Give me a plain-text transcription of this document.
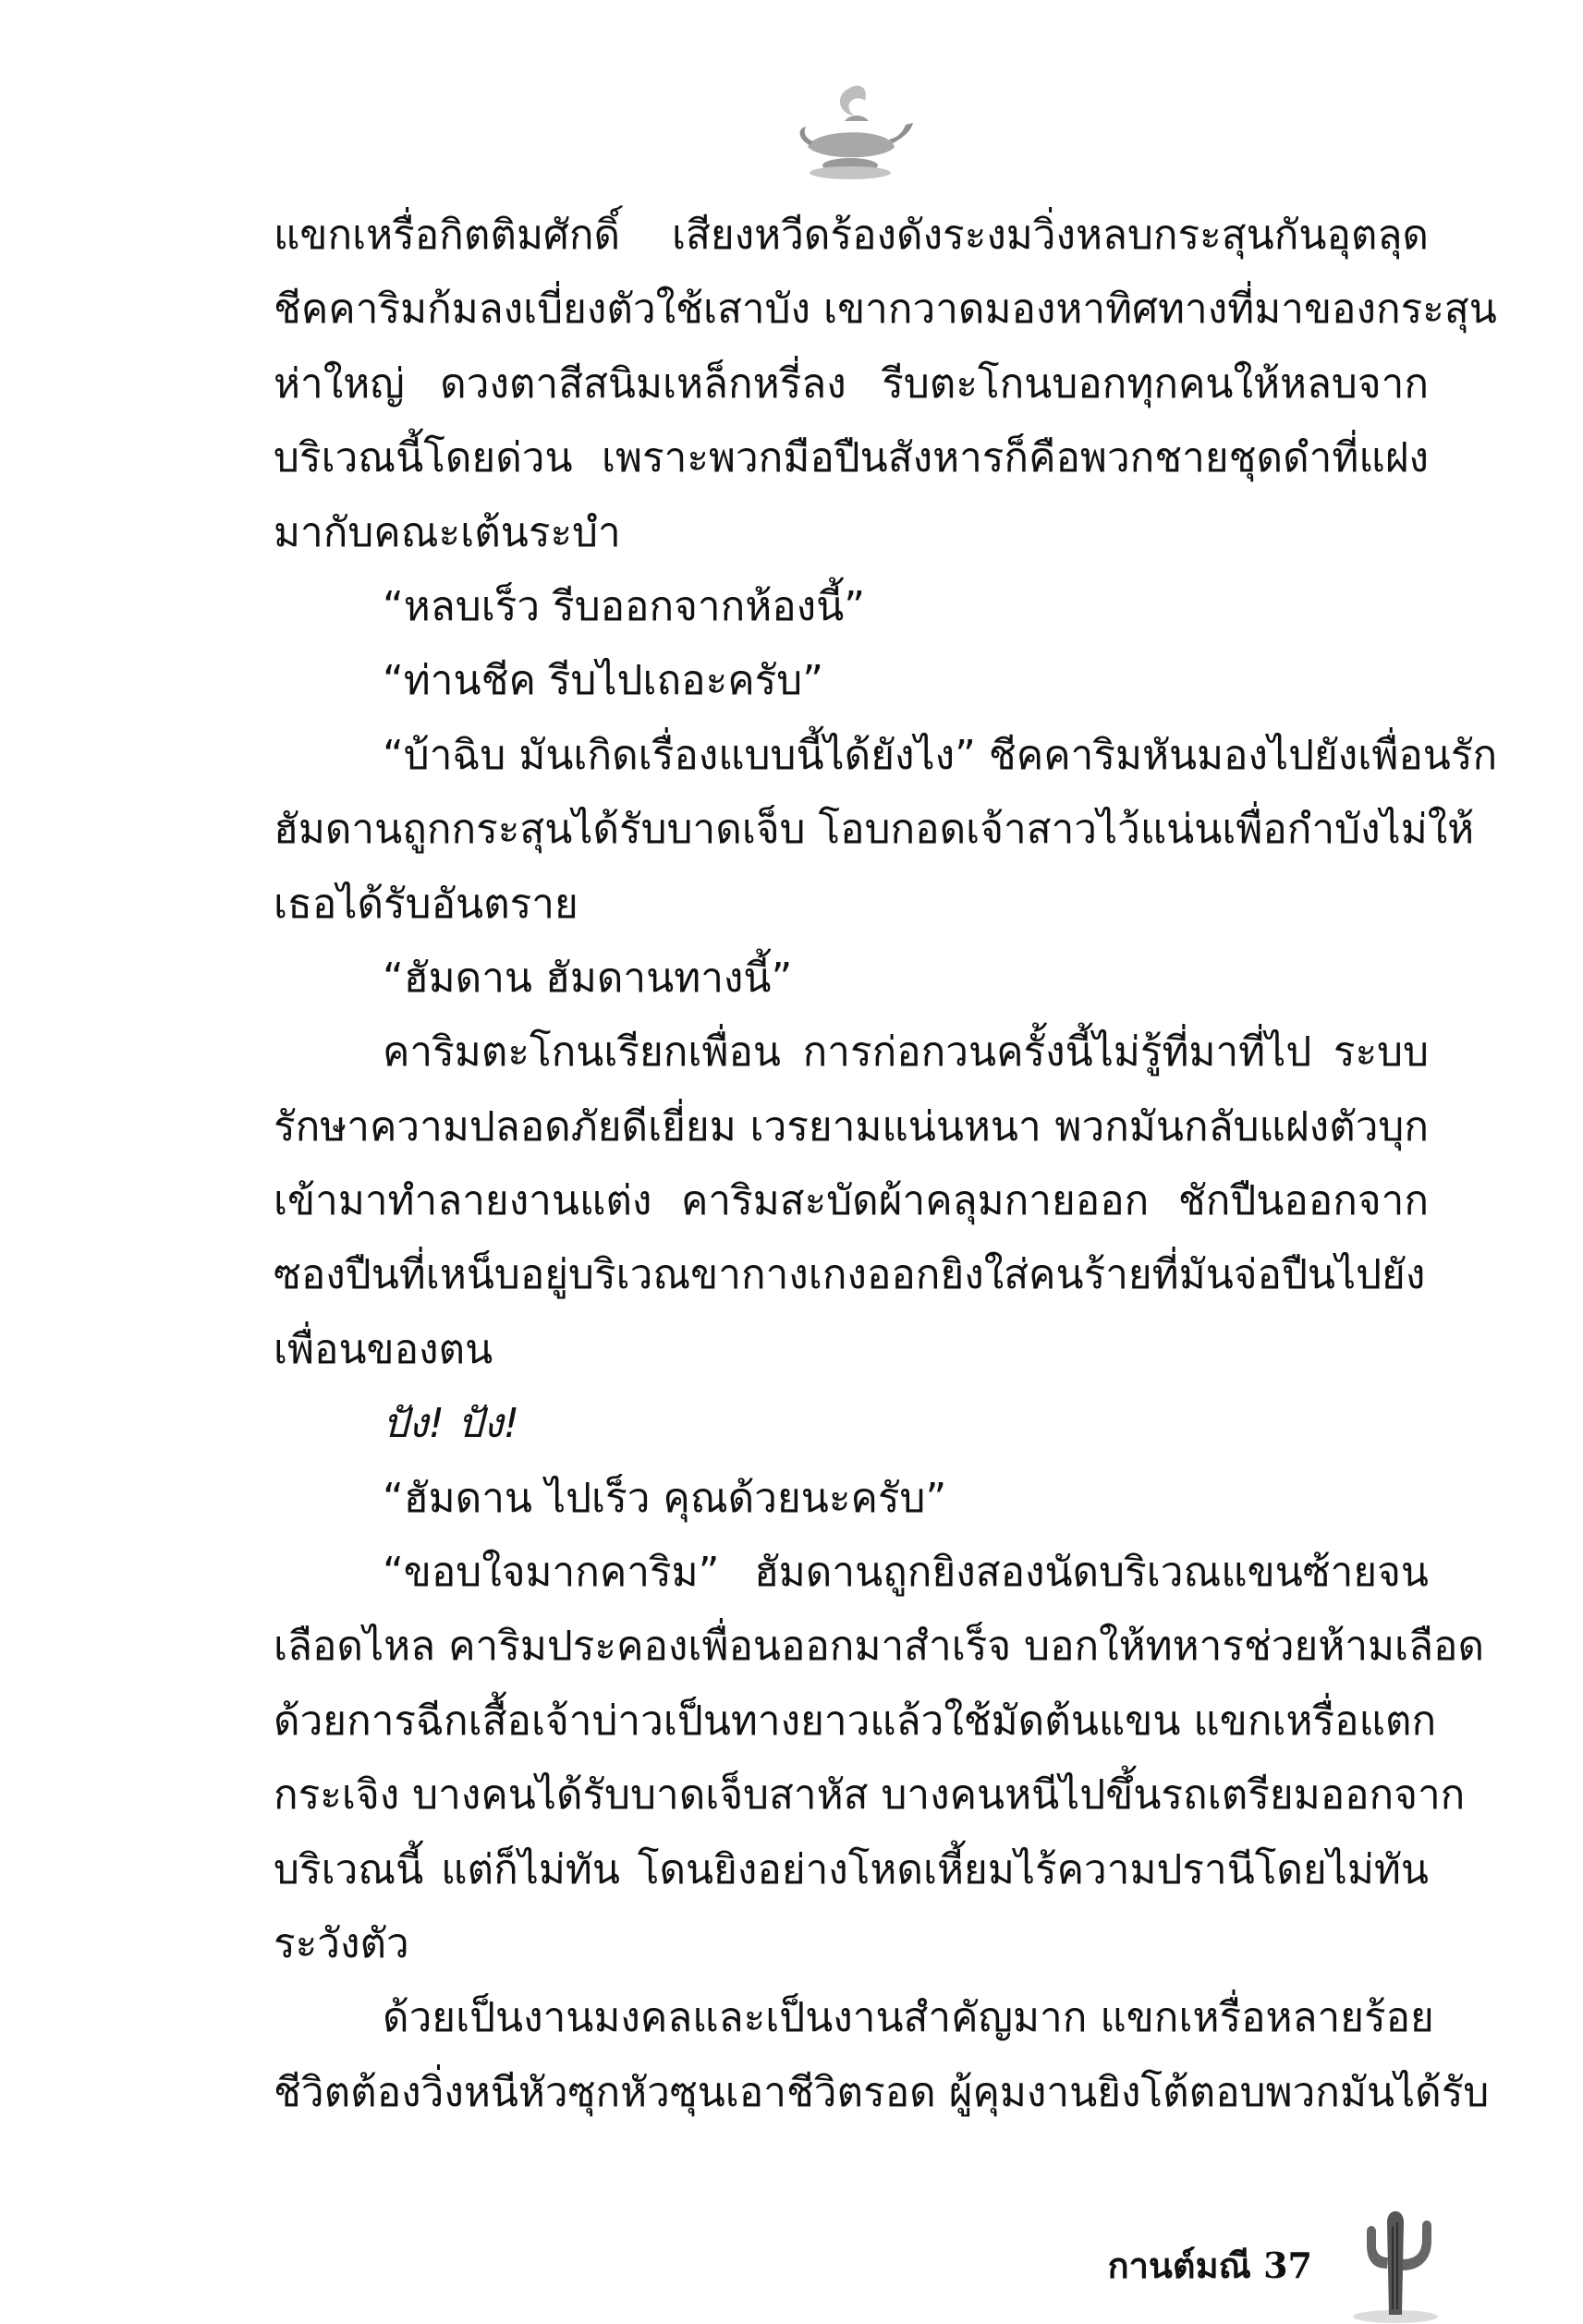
แขกเหรื่อกิตติมศักดิ์ เสียงหวีดร้องดังระงมวิ่งหลบกระสุนกันอุตลุด
ชีคคาริมก้มลงเบี่ยงตัวใช้เสาบัง เขากวาดมองหาทิศทางที่มาของกระสุน
ห่าใหญ่ ดวงตาสีสนิมเหล็กหรี่ลง รีบตะโกนบอกทุกคนให้หลบจาก
บริเวณนี้โดยด่วน เพราะพวกมือปืนสังหารก็คือพวกชายชุดดำที่แฝง
มากับคณะเต้นระบำ
“หลบเร็ว รีบออกจากห้องนี้”
“ท่านชีค รีบไปเถอะครับ”
“บ้าฉิบ มันเกิดเรื่องแบบนี้ได้ยังไง” ชีคคาริมหันมองไปยังเพื่อนรัก
ฮัมดานถูกกระสุนได้รับบาดเจ็บ โอบกอดเจ้าสาวไว้แน่นเพื่อกำบังไม่ให้
เธอได้รับอันตราย
“ฮัมดาน ฮัมดานทางนี้”
คาริมตะโกนเรียกเพื่อน การก่อกวนครั้งนี้ไม่รู้ที่มาที่ไป ระบบ
รักษาความปลอดภัยดีเยี่ยม เวรยามแน่นหนา พวกมันกลับแฝงตัวบุก
เข้ามาทำลายงานแต่ง คาริมสะบัดผ้าคลุมกายออก ชักปืนออกจาก
ซองปืนที่เหน็บอยู่บริเวณขากางเกงออกยิงใส่คนร้ายที่มันจ่อปืนไปยัง
เพื่อนของตน
ปัง! ปัง!
“ฮัมดาน ไปเร็ว คุณด้วยนะครับ”
“ขอบใจมากคาริม” ฮัมดานถูกยิงสองนัดบริเวณแขนซ้ายจน
เลือดไหล คาริมประคองเพื่อนออกมาสำเร็จ บอกให้ทหารช่วยห้ามเลือด
ด้วยการฉีกเสื้อเจ้าบ่าวเป็นทางยาวแล้วใช้มัดต้นแขน แขกเหรื่อแตก
กระเจิง บางคนได้รับบาดเจ็บสาหัส บางคนหนีไปขึ้นรถเตรียมออกจาก
บริเวณนี้ แต่ก็ไม่ทัน โดนยิงอย่างโหดเหี้ยมไร้ความปรานีโดยไม่ทัน
ระวังตัว
ด้วยเป็นงานมงคลและเป็นงานสำคัญมาก แขกเหรื่อหลายร้อย
ชีวิตต้องวิ่งหนีหัวซุกหัวซุนเอาชีวิตรอด ผู้คุมงานยิงโต้ตอบพวกมันได้รับ
กานต์มณี 37
